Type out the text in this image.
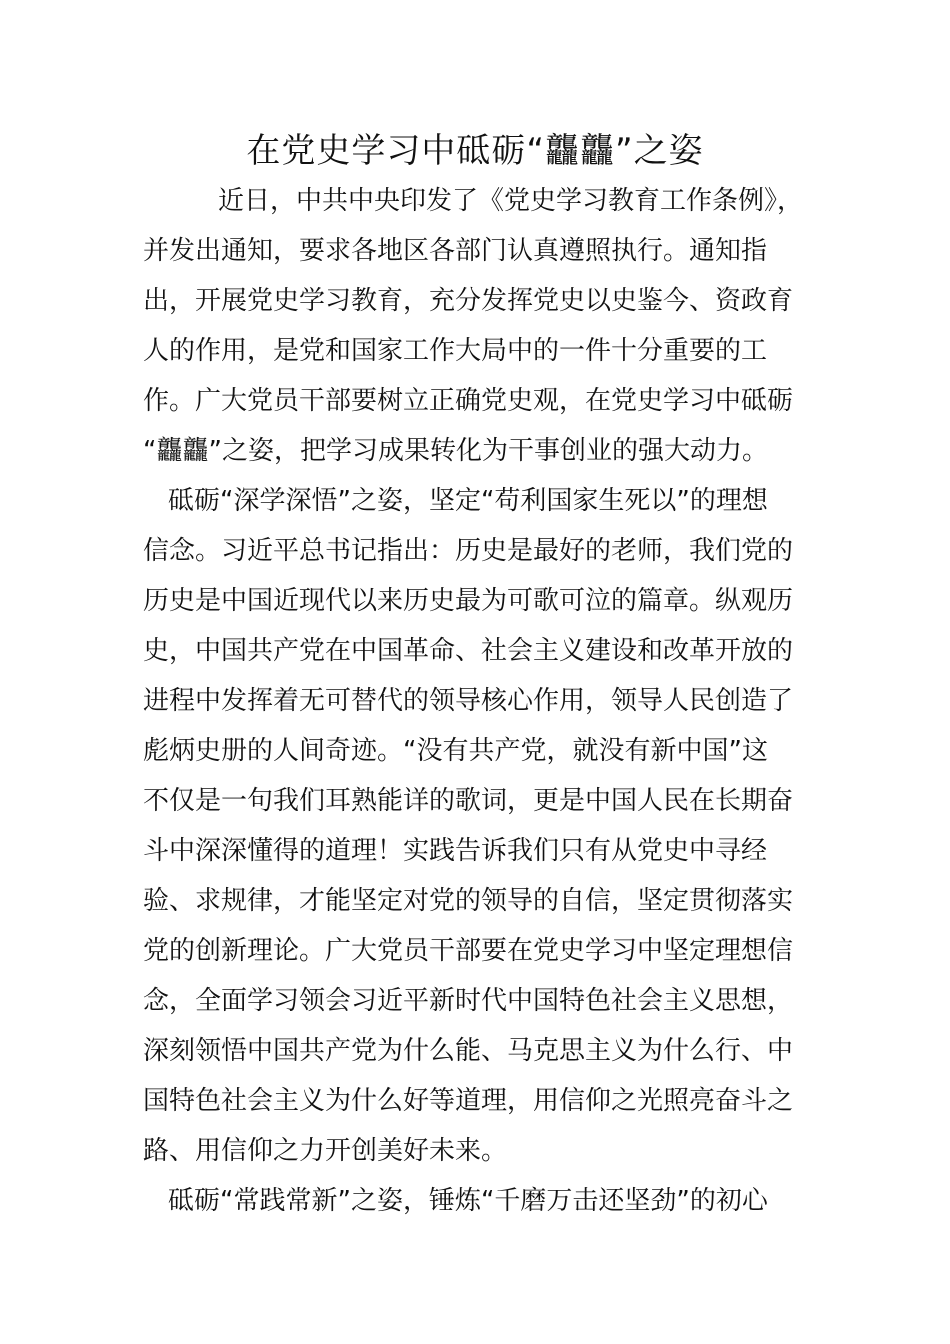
在党史学习中砥砺“龘龘”之姿

近日，中共中央印发了《党史学习教育工作条例》，

并发出通知，要求各地区各部门认真遵照执行。通知指

出，开展党史学习教育，充分发挥党史以史鉴今、资政育

人的作用，是党和国家工作大局中的一件十分重要的工

作。广大党员干部要树立正确党史观，在党史学习中砥砺

“龘龘”之姿，把学习成果转化为干事创业的强大动力。

砥砺“深学深悟”之姿，坚定“苟利国家生死以”的理想

信念。习近平总书记指出：历史是最好的老师，我们党的

历史是中国近现代以来历史最为可歌可泣的篇章。纵观历

史，中国共产党在中国革命、社会主义建设和改革开放的

进程中发挥着无可替代的领导核心作用，领导人民创造了

彪炳史册的人间奇迹。“没有共产党，就没有新中国”这

不仅是一句我们耳熟能详的歌词，更是中国人民在长期奋

斗中深深懂得的道理！实践告诉我们只有从党史中寻经

验、求规律，才能坚定对党的领导的自信，坚定贯彻落实

党的创新理论。广大党员干部要在党史学习中坚定理想信

念，全面学习领会习近平新时代中国特色社会主义思想，

深刻领悟中国共产党为什么能、马克思主义为什么行、中

国特色社会主义为什么好等道理，用信仰之光照亮奋斗之

路、用信仰之力开创美好未来。

砥砺“常践常新”之姿，锤炼“千磨万击还坚劲”的初心
